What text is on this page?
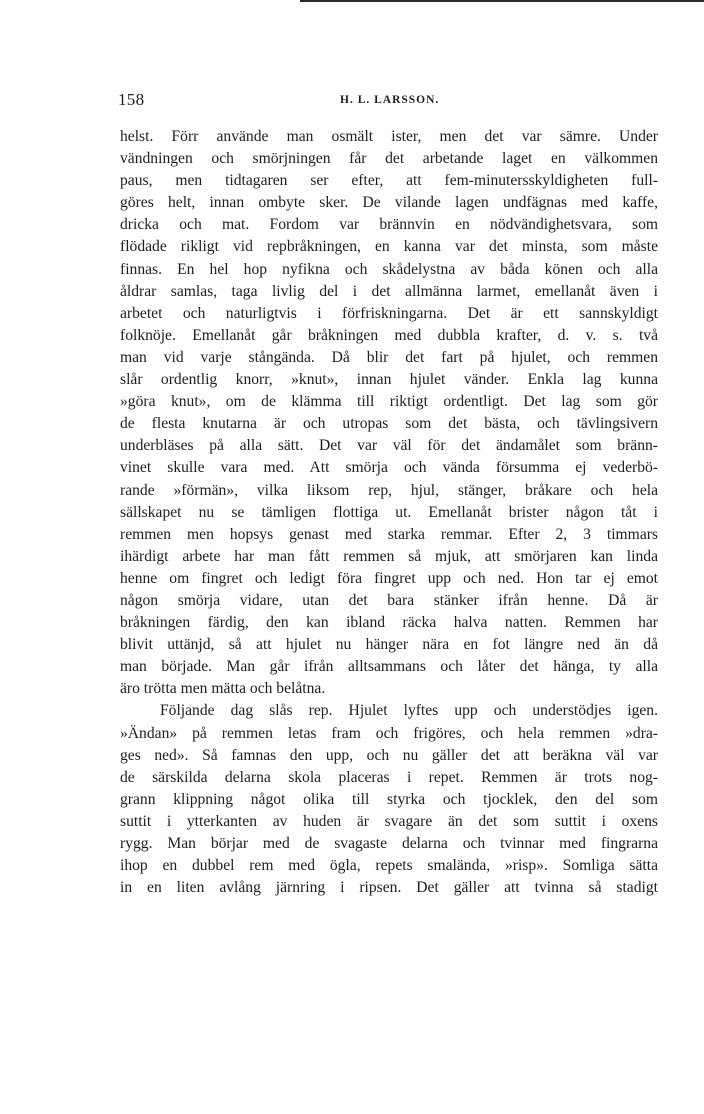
158	H. L. LARSSON.
helst. Förr använde man osmält ister, men det var sämre. Under
vändningen och smörjningen får det arbetande laget en välkommen
paus, men tidtagaren ser efter, att fem-minutersskyldigheten full-
göres helt, innan ombyte sker. De vilande lagen undfägnas med kaffe,
dricka och mat. Fordom var brännvin en nödvändighetsvara, som
flödade rikligt vid repbråkningen, en kanna var det minsta, som måste
finnas. En hel hop nyfikna och skådelystna av båda könen och alla
åldrar samlas, taga livlig del i det allmänna larmet, emellanåt även i
arbetet och naturligtvis i förfriskningarna. Det är ett sannskyldigt
folknöje. Emellanåt går bråkningen med dubbla krafter, d. v. s. två
man vid varje stångända. Då blir det fart på hjulet, och remmen
slår ordentlig knorr, »knut», innan hjulet vänder. Enkla lag kunna
»göra knut», om de klämma till riktigt ordentligt. Det lag som gör
de flesta knutarna är och utropas som det bästa, och tävlingsivern
underbläses på alla sätt. Det var väl för det ändamålet som bränn-
vinet skulle vara med. Att smörja och vända försumma ej vederbö-
rande »förmän», vilka liksom rep, hjul, stänger, bråkare och hela
sällskapet nu se tämligen flottiga ut. Emellanåt brister någon tåt i
remmen men hopsys genast med starka remmar. Efter 2, 3 timmars
ihärdigt arbete har man fått remmen så mjuk, att smörjaren kan linda
henne om fingret och ledigt föra fingret upp och ned. Hon tar ej emot
någon smörja vidare, utan det bara stänker ifrån henne. Då är
bråkningen färdig, den kan ibland räcka halva natten. Remmen har
blivit uttänjd, så att hjulet nu hänger nära en fot längre ned än då
man började. Man går ifrån alltsammans och låter det hänga, ty alla
äro trötta men mätta och belåtna.
Följande dag slås rep. Hjulet lyftes upp och understödjes igen.
»Ändan» på remmen letas fram och frigöres, och hela remmen »dra-
ges ned». Så famnas den upp, och nu gäller det att beräkna väl var
de särskilda delarna skola placeras i repet. Remmen är trots nog-
grann klippning något olika till styrka och tjocklek, den del som
suttit i ytterkanten av huden är svagare än det som suttit i oxens
rygg. Man börjar med de svagaste delarna och tvinnar med fingrarna
ihop en dubbel rem med ögla, repets smaländа, »risp». Somliga sätta
in en liten avlång järnring i ripsen. Det gäller att tvinna så stadigt
